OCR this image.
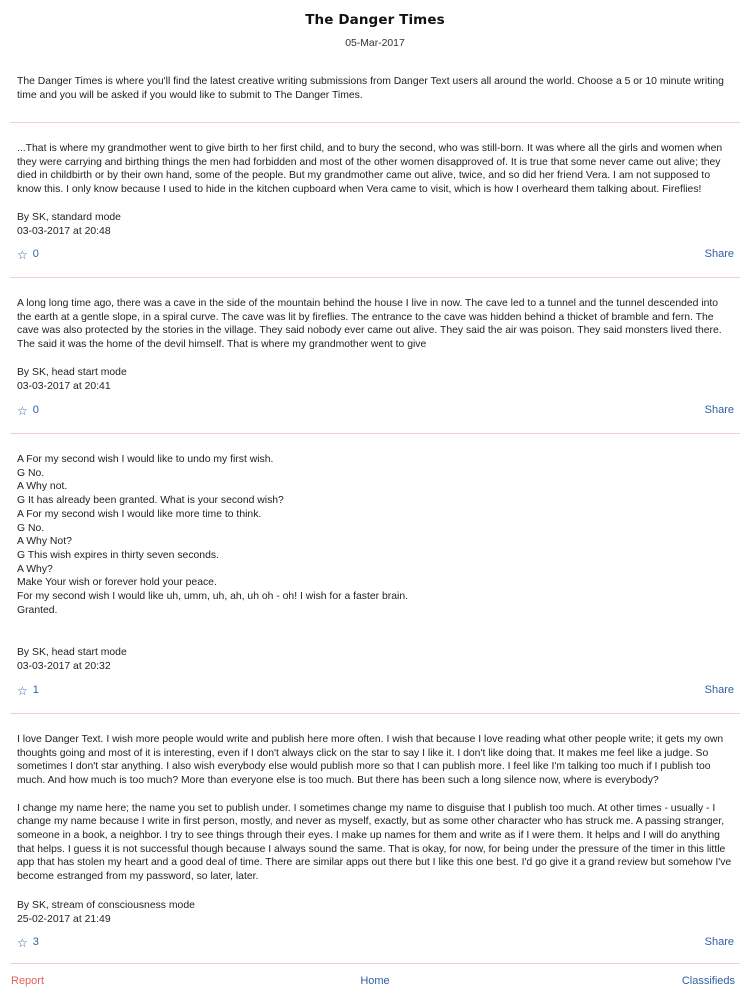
The Danger Times
05-Mar-2017
The Danger Times is where you'll find the latest creative writing submissions from Danger Text users all around the world. Choose a 5 or 10 minute writing time and you will be asked if you would like to submit to The Danger Times.
...That is where my grandmother went to give birth to her first child, and to bury the second, who was still-born. It was where all the girls and women when they were carrying and birthing things the men had forbidden and most of the other women disapproved of. It is true that some never came out alive; they died in childbirth or by their own hand, some of the people. But my grandmother came out alive, twice, and so did her friend Vera. I am not supposed to know this. I only know because I used to hide in the kitchen cupboard when Vera came to visit, which is how I overheard them talking about. Fireflies!
By SK, standard mode
03-03-2017 at 20:48
☆ 0	Share
A long long time ago, there was a cave in the side of the mountain behind the house I live in now. The cave led to a tunnel and the tunnel descended into the earth at a gentle slope, in a spiral curve. The cave was lit by fireflies. The entrance to the cave was hidden behind a thicket of bramble and fern. The cave was also protected by the stories in the village. They said nobody ever came out alive. They said the air was poison. They said monsters lived there. The said it was the home of the devil himself. That is where my grandmother went to give
By SK, head start mode
03-03-2017 at 20:41
☆ 0	Share
A For my second wish I would like to undo my first wish.
G No.
A Why not.
G It has already been granted. What is your second wish?
A For my second wish I would like more time to think.
G No.
A Why Not?
G This wish expires in thirty seven seconds.
A Why?
Make Your wish or forever hold your peace.
For my second wish I would like uh, umm, uh, ah, uh oh - oh! I wish for a faster brain.
Granted.
By SK, head start mode
03-03-2017 at 20:32
☆ 1	Share
I love Danger Text. I wish more people would write and publish here more often. I wish that because I love reading what other people write; it gets my own thoughts going and most of it is interesting, even if I don't always click on the star to say I like it. I don't like doing that. It makes me feel like a judge. So sometimes I don't star anything. I also wish everybody else would publish more so that I can publish more. I feel like I'm talking too much if I publish too much. And how much is too much? More than everyone else is too much. But there has been such a long silence now, where is everybody?

I change my name here; the name you set to publish under. I sometimes change my name to disguise that I publish too much. At other times - usually - I change my name because I write in first person, mostly, and never as myself, exactly, but as some other character who has struck me. A passing stranger, someone in a book, a neighbor. I try to see things through their eyes. I make up names for them and write as if I were them. It helps and I will do anything that helps. I guess it is not successful though because I always sound the same. That is okay, for now, for being under the pressure of the timer in this little app that has stolen my heart and a good deal of time. There are similar apps out there but I like this one best. I'd go give it a grand review but somehow I've become estranged from my password, so later, later.
By SK, stream of consciousness mode
25-02-2017 at 21:49
☆ 3	Share
Report	Home	Classifieds
